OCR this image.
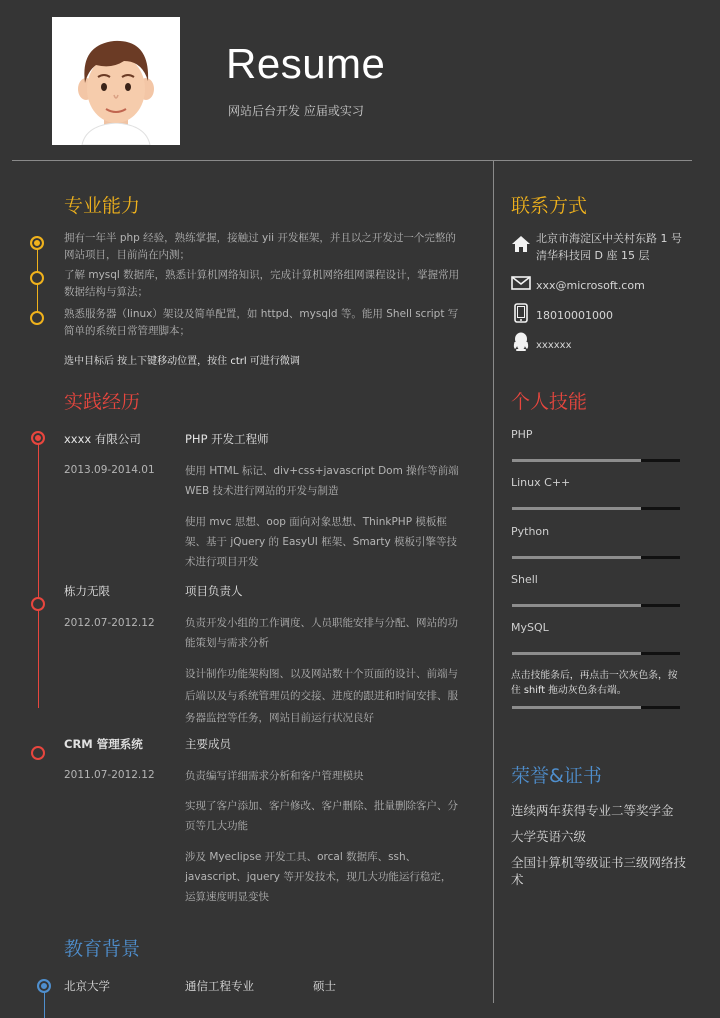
Resume
网站后台开发 应届或实习
专业能力
拥有一年半 php 经验，熟练掌握，接触过 yii 开发框架，并且以之开发过一个完整的网站项目，目前尚在内测；
了解 mysql 数据库，熟悉计算机网络知识，完成计算机网络组网课程设计，掌握常用数据结构与算法；
熟悉服务器（linux）架设及简单配置，如 httpd、mysqld 等。能用 Shell script 写简单的系统日常管理脚本；
选中目标后 按上下键移动位置，按住 ctrl 可进行微调
实践经历
xxxx 有限公司	PHP 开发工程师
2013.09-2014.01	使用 HTML 标记、div+css+javascript Dom 操作等前端 WEB 技术进行网站的开发与制造
使用 mvc 思想、oop 面向对象思想、ThinkPHP 模板框架、基于 jQuery 的 EasyUI 框架、Smarty 模板引擎等技术进行项目开发
栋力无限	项目负责人
2012.07-2012.12	负责开发小组的工作调度、人员职能安排与分配、网站的功能策划与需求分析
设计制作功能架构图、以及网站数十个页面的设计、前端与后端以及与系统管理员的交接、进度的跟进和时间安排、服务器监控等任务，网站目前运行状况良好
CRM 管理系统	主要成员
2011.07-2012.12	负责编写详细需求分析和客户管理模块
实现了客户添加、客户修改、客户删除、批量删除客户、分页等几大功能
涉及 Myeclipse 开发工具、orcal 数据库、ssh、javascript、jquery 等开发技术，现几大功能运行稳定，运算速度明显变快
教育背景
北京大学	通信工程专业	硕士
联系方式
北京市海淀区中关村东路 1 号清华科技园 D 座 15 层
xxx@microsoft.com
18010001000
xxxxxx
个人技能
PHP
Linux C++
Python
Shell
MySQL
点击技能条后，再点击一次灰色条，按住 shift 拖动灰色条右端。
荣誉&证书
连续两年获得专业二等奖学金
大学英语六级
全国计算机等级证书三级网络技术
